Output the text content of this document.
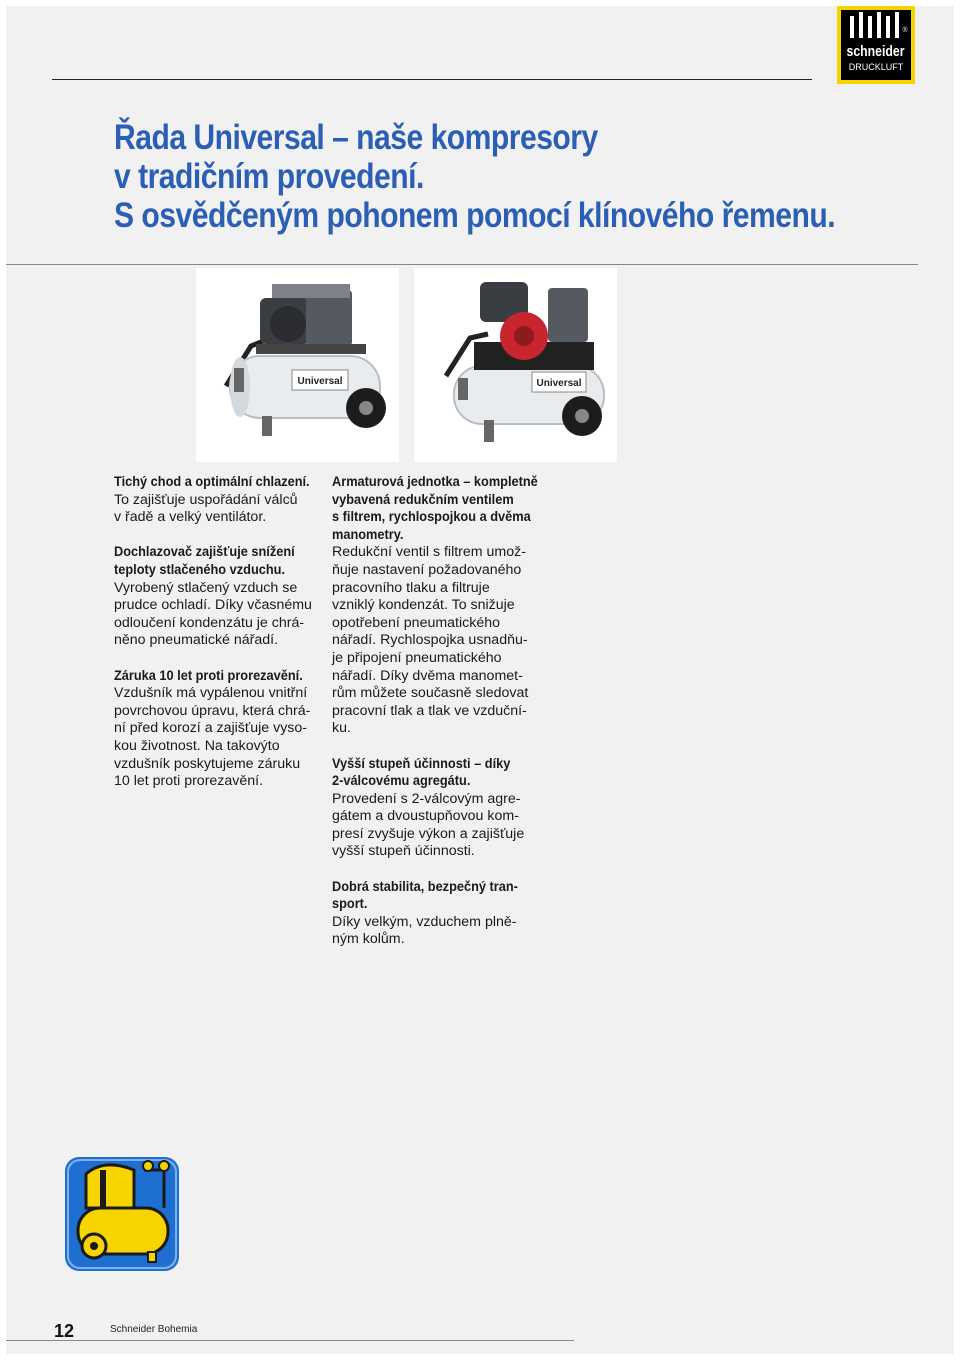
schneider
DRUCKLUFT
®
Řada Universal – naše kompresory
v tradičním provedení.
S osvědčeným pohonem pomocí klínového řemenu.
Universal	Universal

Tichý chod a optimální chlazení.
To zajišťuje uspořádání válců
v řadě a velký ventilátor.

Dochlazovač zajišťuje snížení
teploty stlačeného vzduchu.
Vyrobený stlačený vzduch se
prudce ochladí. Díky včasnému
odloučení kondenzátu je chrá-
něno pneumatické nářadí.

Záruka 10 let proti prorezavění.
Vzdušník má vypálenou vnitřní
povrchovou úpravu, která chrá-
ní před korozí a zajišťuje vyso-
kou životnost. Na takovýto
vzdušník poskytujeme záruku
10 let proti prorezavění.

Armaturová jednotka – kompletně
vybavená redukčním ventilem
s filtrem, rychlospojkou a dvěma
manometry.
Redukční ventil s filtrem umož-
ňuje nastavení požadovaného
pracovního tlaku a filtruje
vzniklý kondenzát. To snižuje
opotřebení pneumatického
nářadí. Rychlospojka usnadňu-
je připojení pneumatického
nářadí. Díky dvěma manomet-
rům můžete současně sledovat
pracovní tlak a tlak ve vzduční-
ku.

Vyšší stupeň účinnosti – díky
2-válcovému agregátu.
Provedení s 2-válcovým agre-
gátem a dvoustupňovou kom-
presí zvyšuje výkon a zajišťuje
vyšší stupeň účinnosti.

Dobrá stabilita, bezpečný tran-
sport.
Díky velkým, vzduchem plně-
ným kolům.

12	Schneider Bohemia
